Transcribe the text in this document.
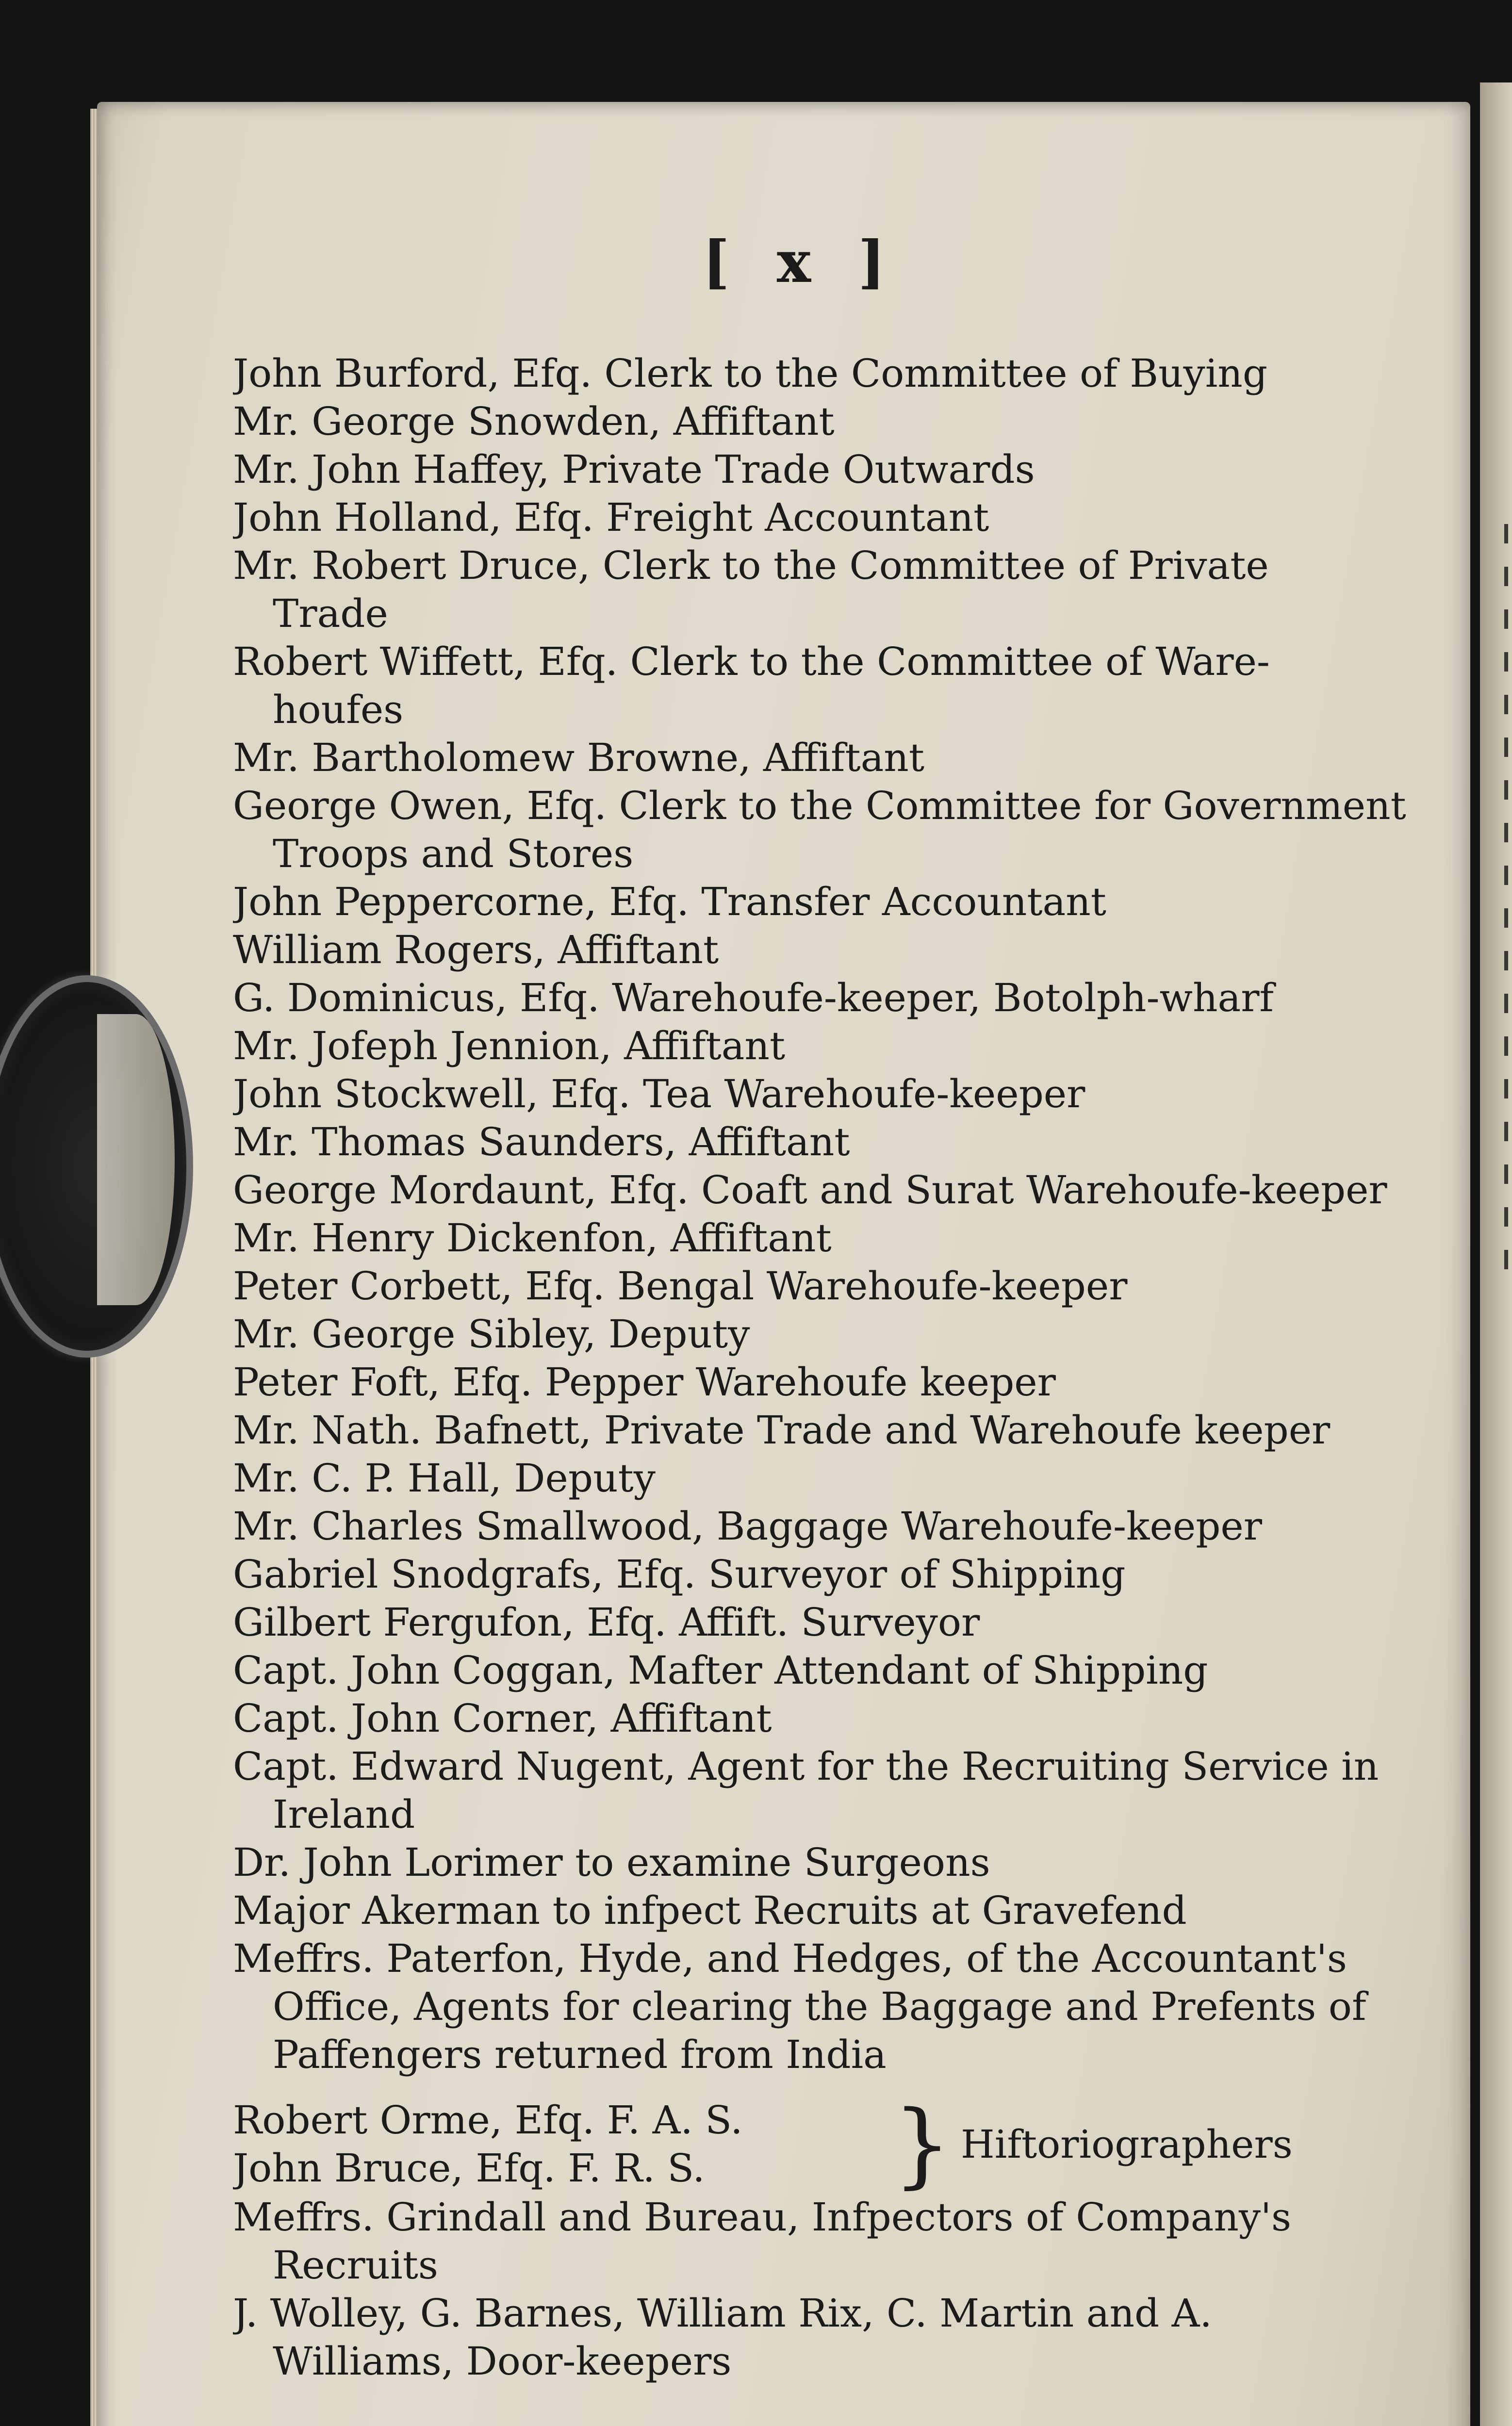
[ x ]
John Burford, Efq. Clerk to the Committee of Buying
Mr. George Snowden, Affiftant
Mr. John Haffey, Private Trade Outwards
John Holland, Efq. Freight Accountant
Mr. Robert Druce, Clerk to the Committee of Private
Trade
Robert Wiffett, Efq. Clerk to the Committee of Ware-
houfes
Mr. Bartholomew Browne, Affiftant
George Owen, Efq. Clerk to the Committee for Government
Troops and Stores
John Peppercorne, Efq. Transfer Accountant
William Rogers, Affiftant
G. Dominicus, Efq. Warehoufe-keeper, Botolph-wharf
Mr. Jofeph Jennion, Affiftant
John Stockwell, Efq. Tea Warehoufe-keeper
Mr. Thomas Saunders, Affiftant
George Mordaunt, Efq. Coaft and Surat Warehoufe-keeper
Mr. Henry Dickenfon, Affiftant
Peter Corbett, Efq. Bengal Warehoufe-keeper
Mr. George Sibley, Deputy
Peter Foft, Efq. Pepper Warehoufe keeper
Mr. Nath. Bafnett, Private Trade and Warehoufe keeper
Mr. C. P. Hall, Deputy
Mr. Charles Smallwood, Baggage Warehoufe-keeper
Gabriel Snodgrafs, Efq. Surveyor of Shipping
Gilbert Fergufon, Efq. Affift. Surveyor
Capt. John Coggan, Mafter Attendant of Shipping
Capt. John Corner, Affiftant
Capt. Edward Nugent, Agent for the Recruiting Service in
Ireland
Dr. John Lorimer to examine Surgeons
Major Akerman to infpect Recruits at Gravefend
Meffrs. Paterfon, Hyde, and Hedges, of the Accountant's
Office, Agents for clearing the Baggage and Prefents of
Paffengers returned from India
Robert Orme, Efq. F. A. S.
John Bruce, Efq. F. R. S.	} Hiftoriographers
Meffrs. Grindall and Bureau, Infpectors of Company's
Recruits
J. Wolley, G. Barnes, William Rix, C. Martin and A.
Williams, Door-keepers
